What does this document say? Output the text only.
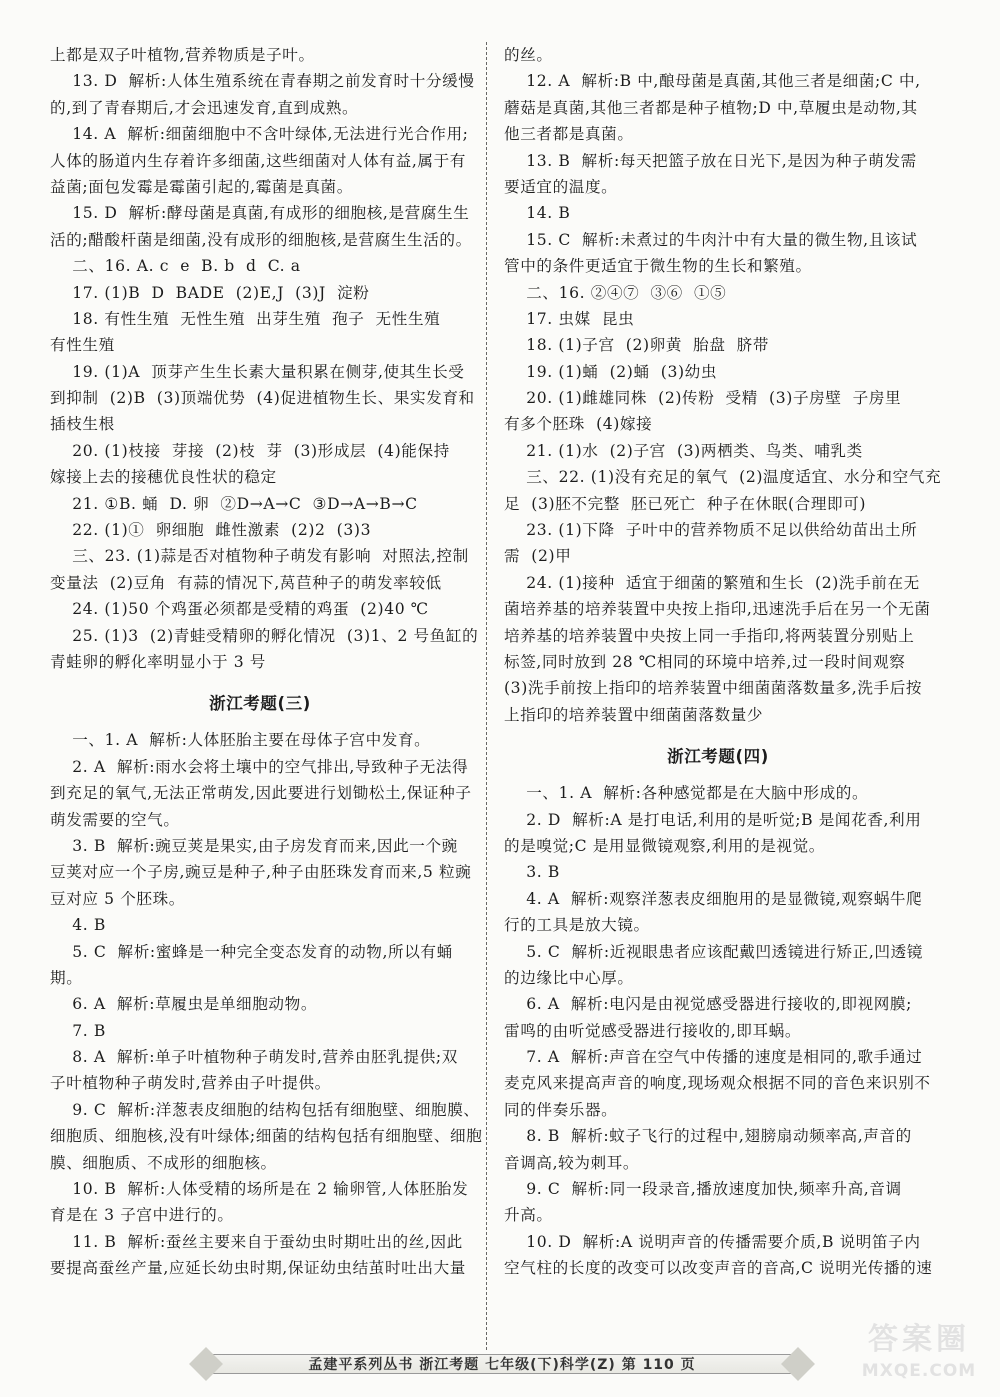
上都是双子叶植物,营养物质是子叶。
13. D  解析:人体生殖系统在青春期之前发育时十分缓慢
的,到了青春期后,才会迅速发育,直到成熟。
14. A  解析:细菌细胞中不含叶绿体,无法进行光合作用;
人体的肠道内生存着许多细菌,这些细菌对人体有益,属于有
益菌;面包发霉是霉菌引起的,霉菌是真菌。
15. D  解析:酵母菌是真菌,有成形的细胞核,是营腐生生
活的;醋酸杆菌是细菌,没有成形的细胞核,是营腐生生活的。
二、16. A. c  e  B. b  d  C. a
17. (1)B  D  BADE  (2)E,J  (3)J  淀粉
18. 有性生殖  无性生殖  出芽生殖  孢子  无性生殖
有性生殖
19. (1)A  顶芽产生生长素大量积累在侧芽,使其生长受
到抑制  (2)B  (3)顶端优势  (4)促进植物生长、果实发育和
插枝生根
20. (1)枝接  芽接  (2)枝  芽  (3)形成层  (4)能保持
嫁接上去的接穗优良性状的稳定
21. ①B. 蛹  D. 卵  ②D→A→C  ③D→A→B→C
22. (1)①  卵细胞  雌性激素  (2)2  (3)3
三、23. (1)蒜是否对植物种子萌发有影响  对照法,控制
变量法  (2)豆角  有蒜的情况下,莴苣种子的萌发率较低
24. (1)50 个鸡蛋必须都是受精的鸡蛋  (2)40 ℃
25. (1)3  (2)青蛙受精卵的孵化情况  (3)1、2 号鱼缸的
青蛙卵的孵化率明显小于 3 号
浙江考题(三)
一、1. A  解析:人体胚胎主要在母体子宫中发育。
2. A  解析:雨水会将土壤中的空气排出,导致种子无法得
到充足的氧气,无法正常萌发,因此要进行划锄松土,保证种子
萌发需要的空气。
3. B  解析:豌豆荚是果实,由子房发育而来,因此一个豌
豆荚对应一个子房,豌豆是种子,种子由胚珠发育而来,5 粒豌
豆对应 5 个胚珠。
4. B
5. C  解析:蜜蜂是一种完全变态发育的动物,所以有蛹
期。
6. A  解析:草履虫是单细胞动物。
7. B
8. A  解析:单子叶植物种子萌发时,营养由胚乳提供;双
子叶植物种子萌发时,营养由子叶提供。
9. C  解析:洋葱表皮细胞的结构包括有细胞壁、细胞膜、
细胞质、细胞核,没有叶绿体;细菌的结构包括有细胞壁、细胞
膜、细胞质、不成形的细胞核。
10. B  解析:人体受精的场所是在 2 输卵管,人体胚胎发
育是在 3 子宫中进行的。
11. B  解析:蚕丝主要来自于蚕幼虫时期吐出的丝,因此
要提高蚕丝产量,应延长幼虫时期,保证幼虫结茧时吐出大量
的丝。
12. A  解析:B 中,酿母菌是真菌,其他三者是细菌;C 中,
蘑菇是真菌,其他三者都是种子植物;D 中,草履虫是动物,其
他三者都是真菌。
13. B  解析:每天把篮子放在日光下,是因为种子萌发需
要适宜的温度。
14. B
15. C  解析:未煮过的牛肉汁中有大量的微生物,且该试
管中的条件更适宜于微生物的生长和繁殖。
二、16. ②④⑦  ③⑥  ①⑤
17. 虫媒  昆虫
18. (1)子宫  (2)卵黄  胎盘  脐带
19. (1)蛹  (2)蛹  (3)幼虫
20. (1)雌雄同株  (2)传粉  受精  (3)子房壁  子房里
有多个胚珠  (4)嫁接
21. (1)水  (2)子宫  (3)两栖类、鸟类、哺乳类
三、22. (1)没有充足的氧气  (2)温度适宜、水分和空气充
足  (3)胚不完整  胚已死亡  种子在休眠(合理即可)
23. (1)下降  子叶中的营养物质不足以供给幼苗出土所
需  (2)甲
24. (1)接种  适宜于细菌的繁殖和生长  (2)洗手前在无
菌培养基的培养装置中央按上指印,迅速洗手后在另一个无菌
培养基的培养装置中央按上同一手指印,将两装置分别贴上
标签,同时放到 28 ℃相同的环境中培养,过一段时间观察
(3)洗手前按上指印的培养装置中细菌菌落数量多,洗手后按
上指印的培养装置中细菌菌落数量少
浙江考题(四)
一、1. A  解析:各种感觉都是在大脑中形成的。
2. D  解析:A 是打电话,利用的是听觉;B 是闻花香,利用
的是嗅觉;C 是用显微镜观察,利用的是视觉。
3. B
4. A  解析:观察洋葱表皮细胞用的是显微镜,观察蜗牛爬
行的工具是放大镜。
5. C  解析:近视眼患者应该配戴凹透镜进行矫正,凹透镜
的边缘比中心厚。
6. A  解析:电闪是由视觉感受器进行接收的,即视网膜;
雷鸣的由听觉感受器进行接收的,即耳蜗。
7. A  解析:声音在空气中传播的速度是相同的,歌手通过
麦克风来提高声音的响度,现场观众根据不同的音色来识别不
同的伴奏乐器。
8. B  解析:蚊子飞行的过程中,翅膀扇动频率高,声音的
音调高,较为刺耳。
9. C  解析:同一段录音,播放速度加快,频率升高,音调
升高。
10. D  解析:A 说明声音的传播需要介质,B 说明笛子内
空气柱的长度的改变可以改变声音的音高,C 说明光传播的速
孟建平系列丛书 浙江考题 七年级(下)科学(Z) 第 110 页
答案圈
MXQE.COM
